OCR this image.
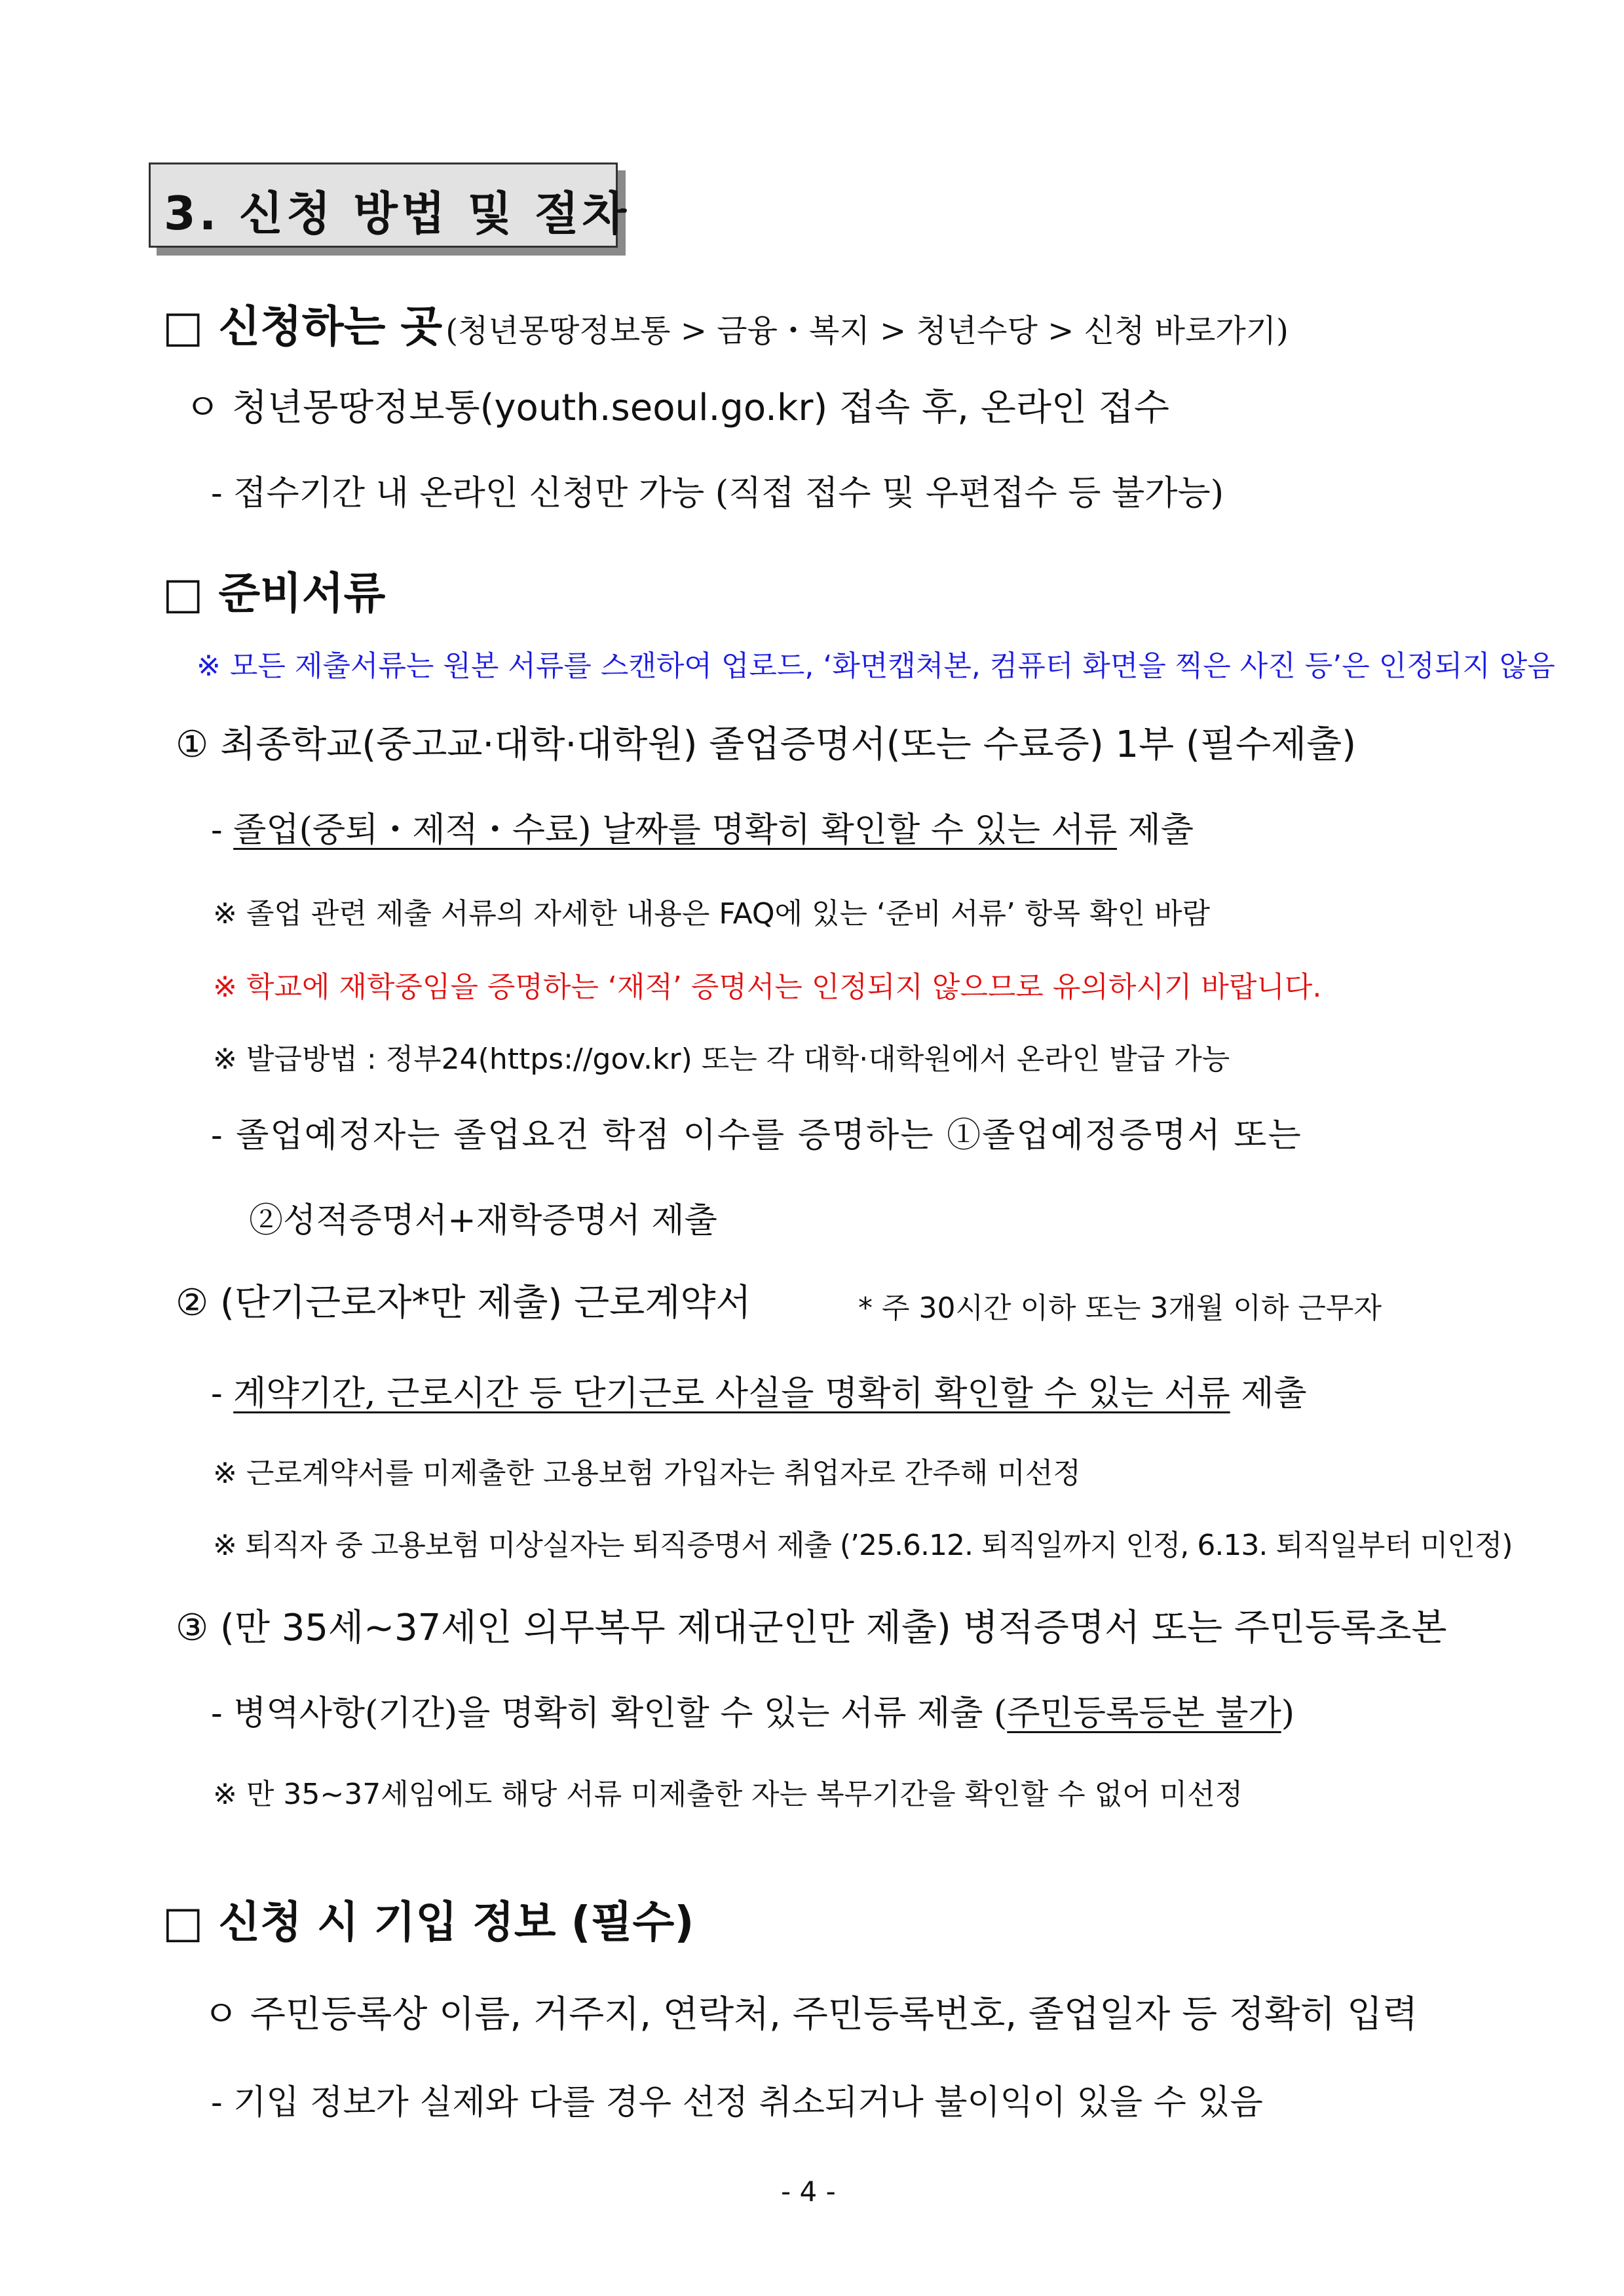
3. 신청 방법 및 절차
□ 신청하는 곳 (청년몽땅정보통 > 금융・복지 > 청년수당 > 신청 바로가기)
ㅇ 청년몽땅정보통(youth.seoul.go.kr) 접속 후, 온라인 접수
- 접수기간 내 온라인 신청만 가능 (직접 접수 및 우편접수 등 불가능)
□ 준비서류
※ 모든 제출서류는 원본 서류를 스캔하여 업로드, ‘화면캡쳐본, 컴퓨터 화면을 찍은 사진 등’은 인정되지 않음
① 최종학교(중고교·대학·대학원) 졸업증명서(또는 수료증) 1부 (필수제출)
- 졸업(중퇴・제적・수료) 날짜를 명확히 확인할 수 있는 서류 제출
※ 졸업 관련 제출 서류의 자세한 내용은 FAQ에 있는 ‘준비 서류’ 항목 확인 바람
※ 학교에 재학중임을 증명하는 ‘재적’ 증명서는 인정되지 않으므로 유의하시기 바랍니다.
※ 발급방법 : 정부24(https://gov.kr) 또는 각 대학·대학원에서 온라인 발급 가능
- 졸업예정자는 졸업요건 학점 이수를 증명하는 ①졸업예정증명서 또는
②성적증명서+재학증명서 제출
② (단기근로자*만 제출) 근로계약서	* 주 30시간 이하 또는 3개월 이하 근무자
- 계약기간, 근로시간 등 단기근로 사실을 명확히 확인할 수 있는 서류 제출
※ 근로계약서를 미제출한 고용보험 가입자는 취업자로 간주해 미선정
※ 퇴직자 중 고용보험 미상실자는 퇴직증명서 제출 (’25.6.12. 퇴직일까지 인정, 6.13. 퇴직일부터 미인정)
③ (만 35세~37세인 의무복무 제대군인만 제출) 병적증명서 또는 주민등록초본
- 병역사항(기간)을 명확히 확인할 수 있는 서류 제출 (주민등록등본 불가)
※ 만 35~37세임에도 해당 서류 미제출한 자는 복무기간을 확인할 수 없어 미선정
□ 신청 시 기입 정보 (필수)
ㅇ 주민등록상 이름, 거주지, 연락처, 주민등록번호, 졸업일자 등 정확히 입력
- 기입 정보가 실제와 다를 경우 선정 취소되거나 불이익이 있을 수 있음
- 4 -
